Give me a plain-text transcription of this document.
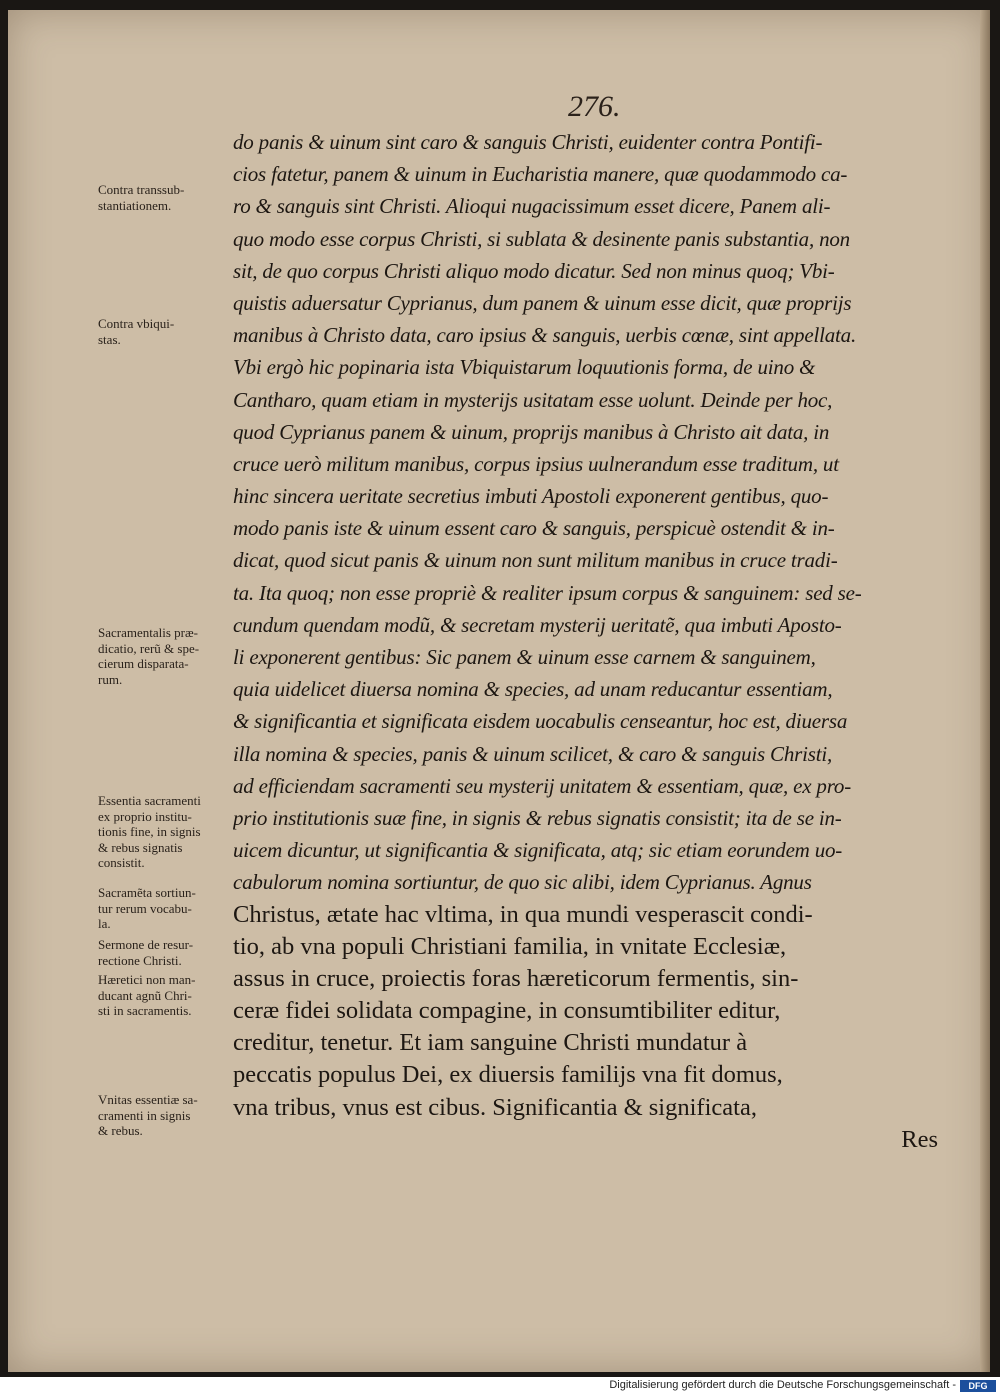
276.
do panis & uinum sint caro & sanguis Christi, euidenter contra Pontifi-
cios fatetur, panem & uinum in Eucharistia manere, quæ quodammodo ca-
ro & sanguis sint Christi. Alioqui nugacissimum esset dicere, Panem ali-
quo modo esse corpus Christi, si sublata & desinente panis substantia, non
sit, de quo corpus Christi aliquo modo dicatur. Sed non minus quoq; Vbi-
quistis aduersatur Cyprianus, dum panem & uinum esse dicit, quæ proprijs
manibus à Christo data, caro ipsius & sanguis, uerbis cœnæ, sint appellata.
Vbi ergò hic popinaria ista Vbiquistarum loquutionis forma, de uino &
Cantharo, quam etiam in mysterijs usitatam esse uolunt. Deinde per hoc,
quod Cyprianus panem & uinum, proprijs manibus à Christo ait data, in
cruce uerò militum manibus, corpus ipsius uulnerandum esse traditum, ut
hinc sincera ueritate secretius imbuti Apostoli exponerent gentibus, quo-
modo panis iste & uinum essent caro & sanguis, perspicuè ostendit & in-
dicat, quod sicut panis & uinum non sunt militum manibus in cruce tradi-
ta. Ita quoq; non esse propriè & realiter ipsum corpus & sanguinem: sed se-
cundum quendam modũ, & secretam mysterij ueritatẽ, qua imbuti Aposto-
li exponerent gentibus: Sic panem & uinum esse carnem & sanguinem,
quia uidelicet diuersa nomina & species, ad unam reducantur essentiam,
& significantia et significata eisdem uocabulis censeantur, hoc est, diuersa
illa nomina & species, panis & uinum scilicet, & caro & sanguis Christi,
ad efficiendam sacramenti seu mysterij unitatem & essentiam, quæ, ex pro-
prio institutionis suæ fine, in signis & rebus signatis consistit; ita de se in-
uicem dicuntur, ut significantia & significata, atq; sic etiam eorundem uo-
cabulorum nomina sortiuntur, de quo sic alibi, idem Cyprianus. Agnus
Christus, ætate hac vltima, in qua mundi vesperascit condi-
tio, ab vna populi Christiani familia, in vnitate Ecclesiæ,
assus in cruce, proiectis foras hæreticorum fermentis, sin-
ceræ fidei solidata compagine, in consumtibiliter editur,
creditur, tenetur. Et iam sanguine Christi mundatur à
peccatis populus Dei, ex diuersis familijs vna fit domus,
vna tribus, vnus est cibus. Significantia & significata,
Res
Contra transsub-
stantiationem.
Contra vbiqui-
stas.
Sacramentalis præ-
dicatio, rerũ & spe-
cierum disparata-
rum.
Essentia sacramenti
ex proprio institu-
tionis fine, in signis
& rebus signatis
consistit.
Sacramẽta sortiun-
tur rerum vocabu-
la.
Sermone de resur-
rectione Christi.
Hæretici non man-
ducant agnũ Chri-
sti in sacramentis.
Vnitas essentiæ sa-
cramenti in signis
& rebus.
Digitalisierung gefördert durch die Deutsche Forschungsgemeinschaft -	DFG
